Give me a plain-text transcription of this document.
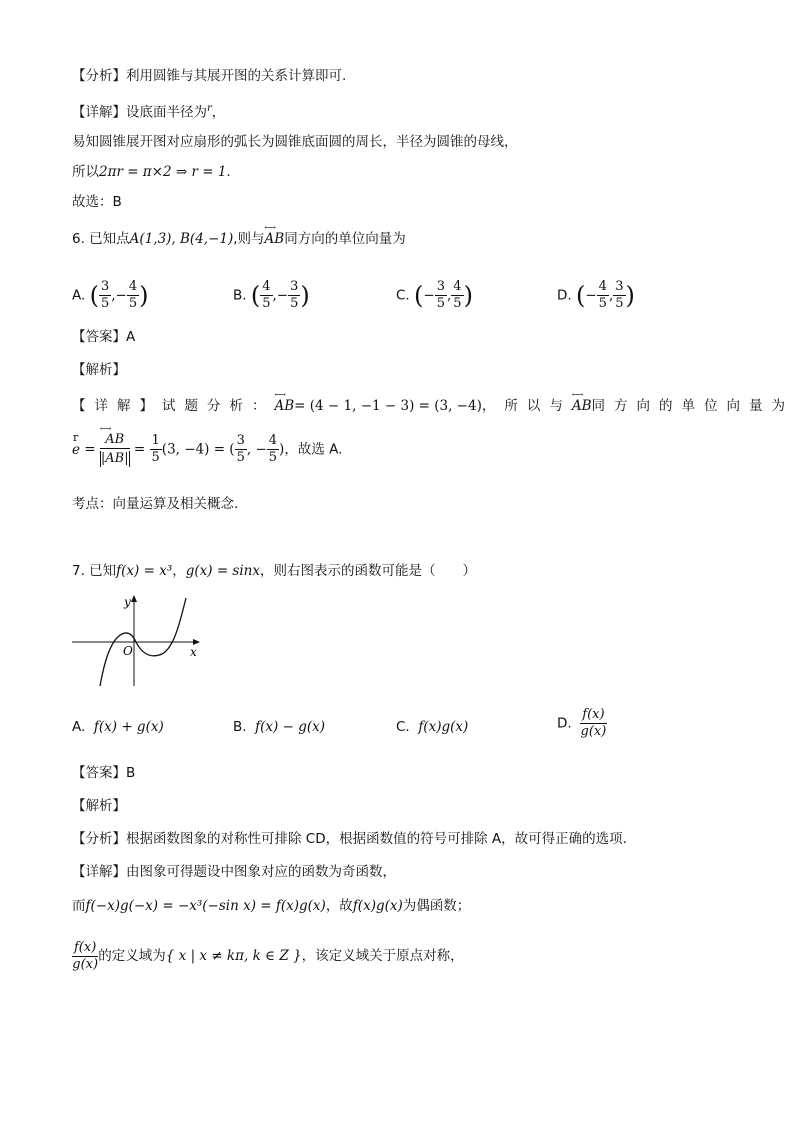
【分析】利用圆锥与其展开图的关系计算即可.
【详解】设底面半径为$^r$，
易知圆锥展开图对应扇形的弧长为圆锥底面圆的周长，半径为圆锥的母线，
所以2πr = π×2 ⇒ r = 1.
故选：B
6. 已知点A(1,3), B(4,−1),则与←→ AB同方向的单位向量为
A. ( $\frac{3}{5}$ ,− $\frac{4}{5}$ )	B. ( $\frac{4}{5}$ ,− $\frac{3}{5}$ )	C. (− $\frac{3}{5}$ , $\frac{4}{5}$ )	D. (− $\frac{4}{5}$ , $\frac{3}{5}$ )
【答案】A
【解析】
【详解】试题分析：←→ AB= (4 − 1, −1 − 3) = (3, −4)，所以与←→ AB同方向的单位向量为
r
e =
←→ $\frac{AB}{|AB|} = \frac{1}{5} (3$, −4) = ( $\frac{3}{5}$ , − $\frac{4}{5}$ )，故选 A.
考点：向量运算及相关概念.
7. 已知f(x) = x³，g(x) = sinx，则右图表示的函数可能是（　　）
y
x
O
A. f(x) + g(x)	B. f(x) − g(x)	C. f(x)g(x)	D. $\frac{f(x)}{g(x)}$
【答案】B
【解析】
【分析】根据函数图象的对称性可排除 CD，根据函数值的符号可排除 A，故可得正确的选项.
【详解】由图象可得题设中图象对应的函数为奇函数，
而f(−x)g(−x) = −x³(−sin x) = f(x)g(x)，故f(x)g(x)为偶函数；
$\frac{f(x)}{g(x)}$ 的定义域为{ x | x ≠ kπ, k ∈ Z }，该定义域关于原点对称，
